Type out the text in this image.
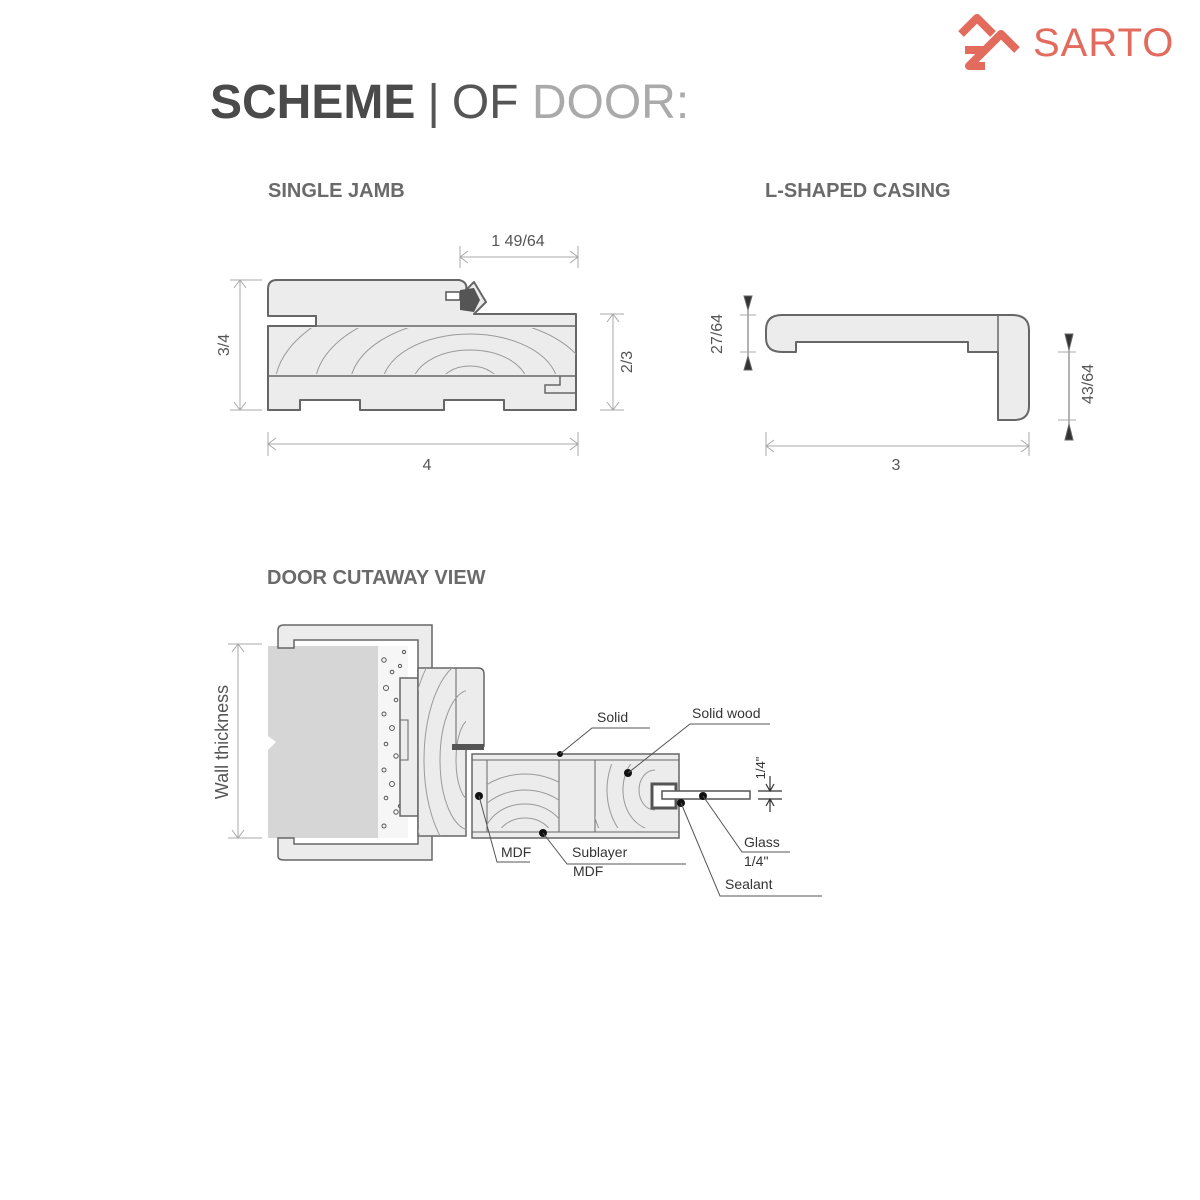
SARTO
SCHEME | OF DOOR:
SINGLE JAMB	L-SHAPED CASING
DOOR CUTAWAY VIEW
1 49/64
3/4
2/3
4
27/64
43/64
3
Wall thickness	Solid	Solid wood
1/4"
MDF	Sublayer
MDF
Glass
1/4"
Sealant
